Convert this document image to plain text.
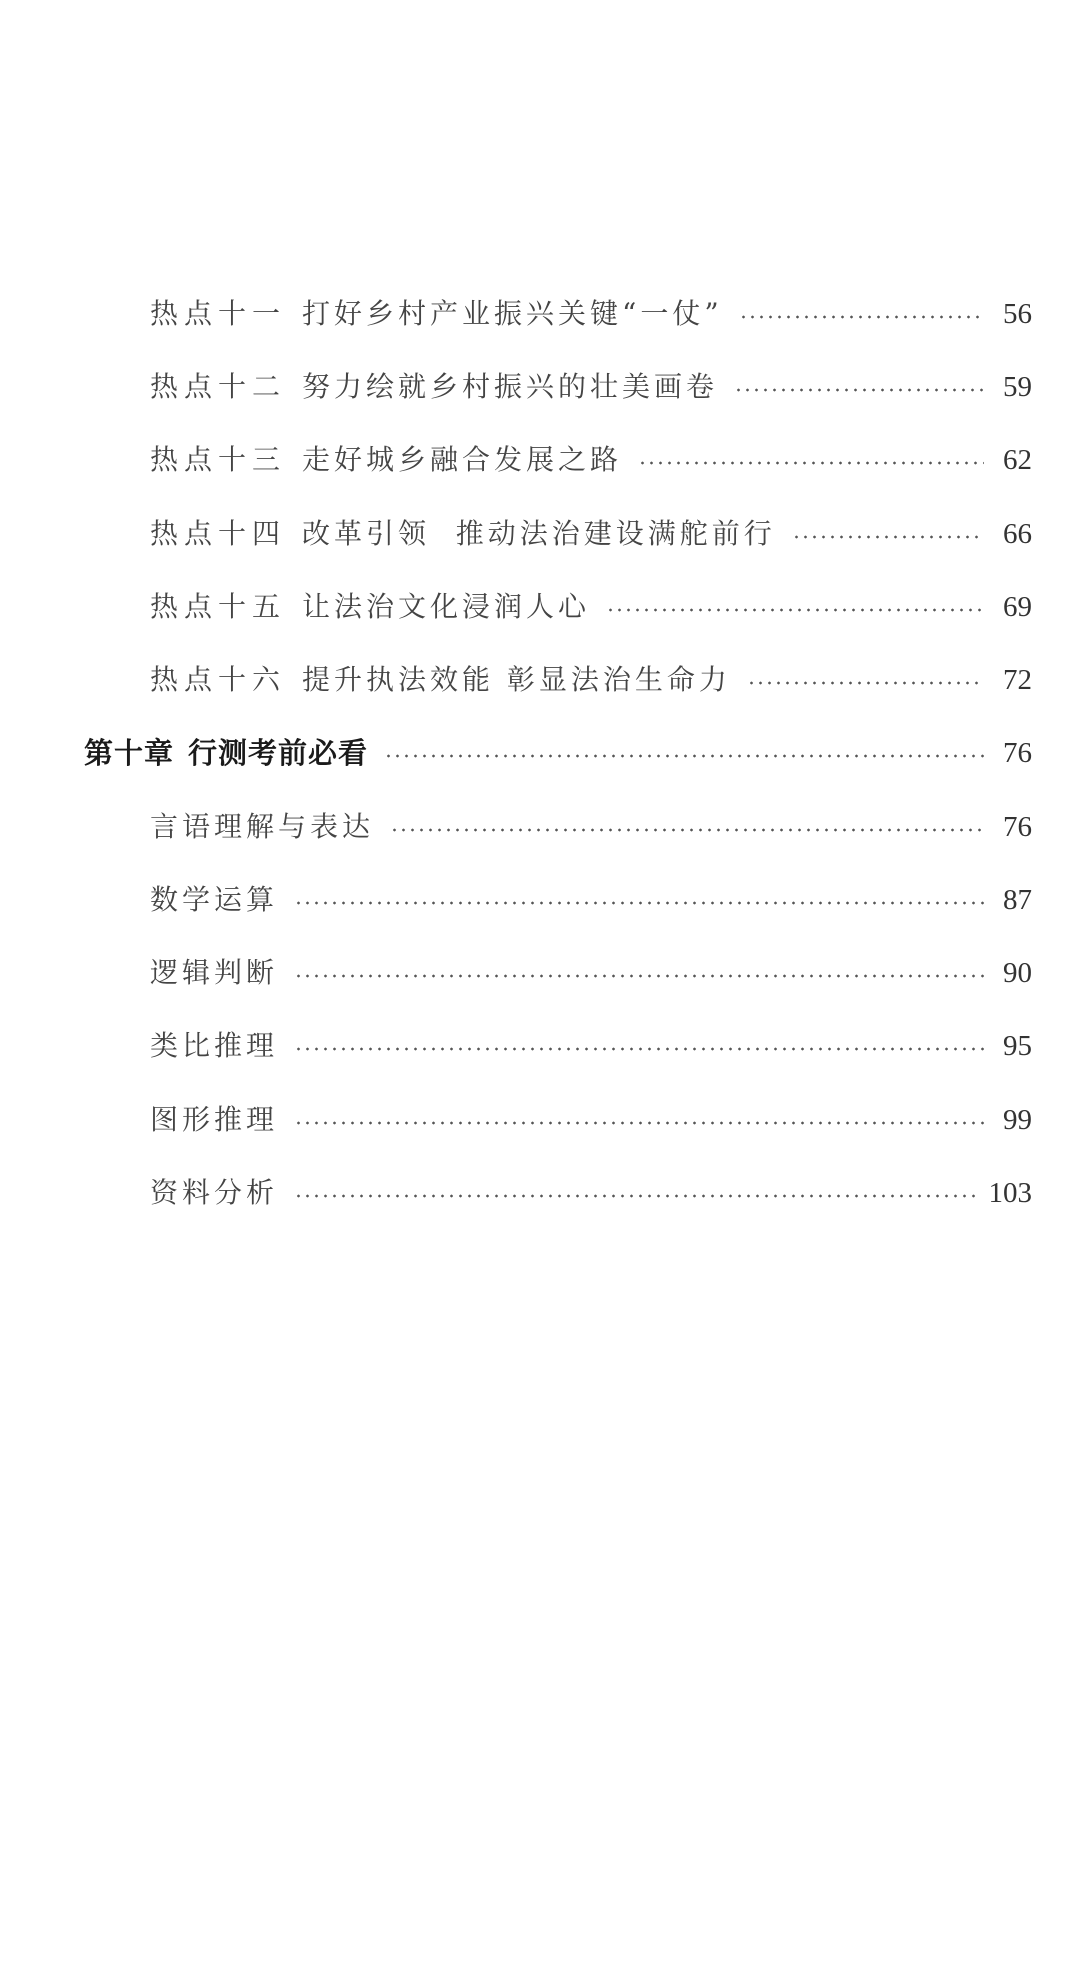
热点十一 打好乡村产业振兴关键“一仗”	56
热点十二 努力绘就乡村振兴的壮美画卷	59
热点十三 走好城乡融合发展之路	62
热点十四 改革引领  推动法治建设满舵前行	66
热点十五 让法治文化浸润人心	69
热点十六 提升执法效能 彰显法治生命力	72
第十章 行测考前必看	76
言语理解与表达	76
数学运算	87
逻辑判断	90
类比推理	95
图形推理	99
资料分析	103
